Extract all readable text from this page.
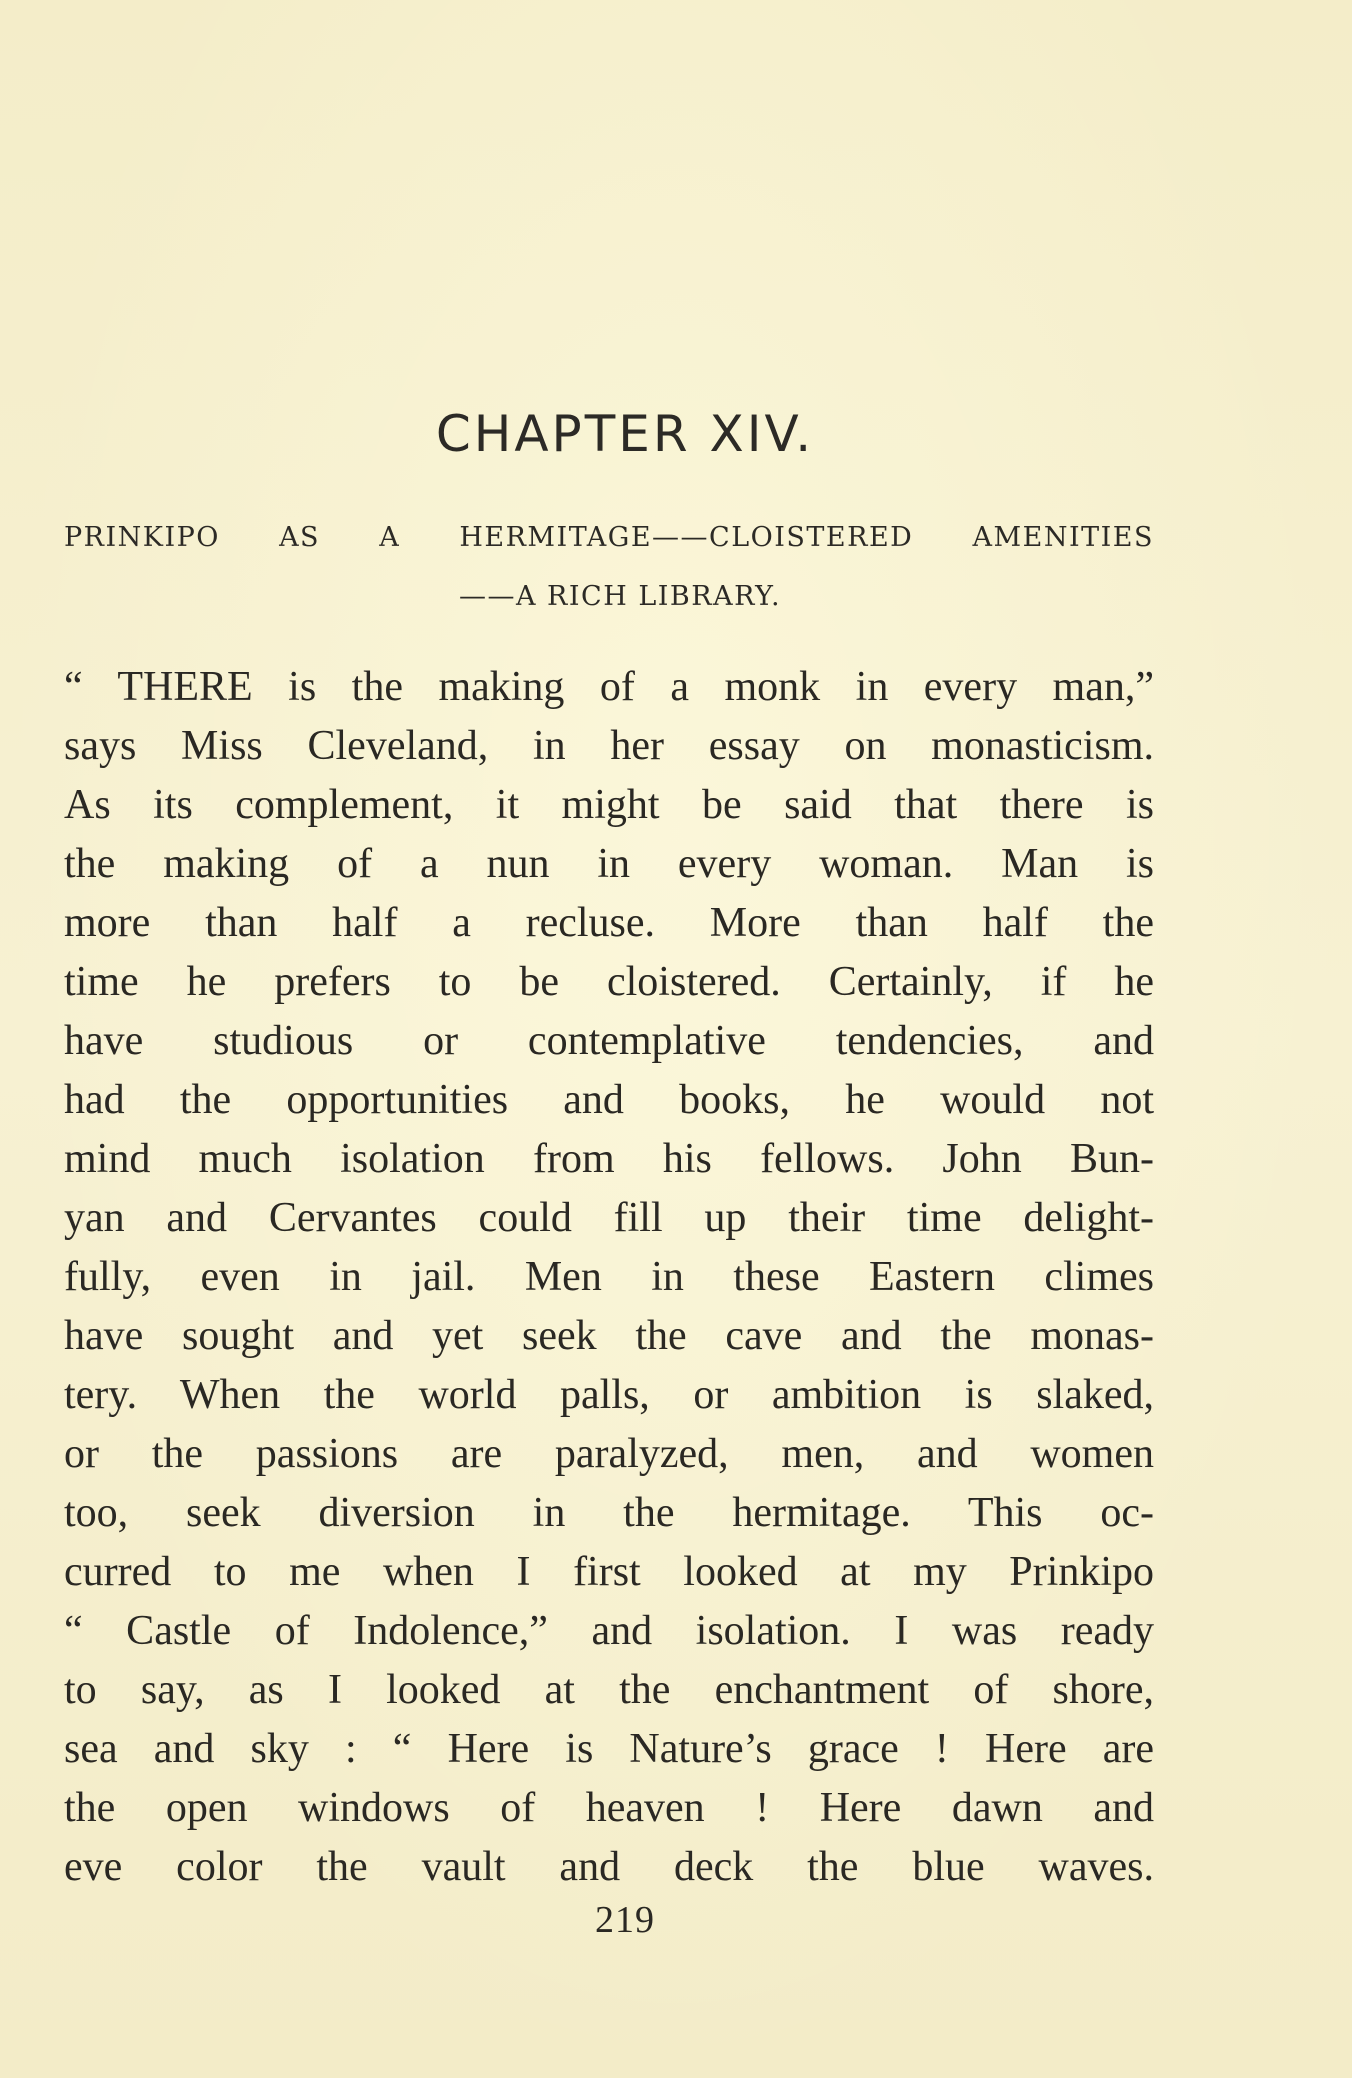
CHAPTER XIV.
PRINKIPO AS A HERMITAGE——CLOISTERED AMENITIES
——A RICH LIBRARY.
“ THERE is the making of a monk in every man,”
says Miss Cleveland, in her essay on monasticism.
As its complement, it might be said that there is
the making of a nun in every woman. Man is
more than half a recluse. More than half the
time he prefers to be cloistered. Certainly, if he
have studious or contemplative tendencies, and
had the opportunities and books, he would not
mind much isolation from his fellows. John Bun-
yan and Cervantes could fill up their time delight-
fully, even in jail. Men in these Eastern climes
have sought and yet seek the cave and the monas-
tery. When the world palls, or ambition is slaked,
or the passions are paralyzed, men, and women
too, seek diversion in the hermitage. This oc-
curred to me when I first looked at my Prinkipo
“ Castle of Indolence,” and isolation. I was ready
to say, as I looked at the enchantment of shore,
sea and sky : “ Here is Nature’s grace ! Here are
the open windows of heaven ! Here dawn and
eve color the vault and deck the blue waves.
219
